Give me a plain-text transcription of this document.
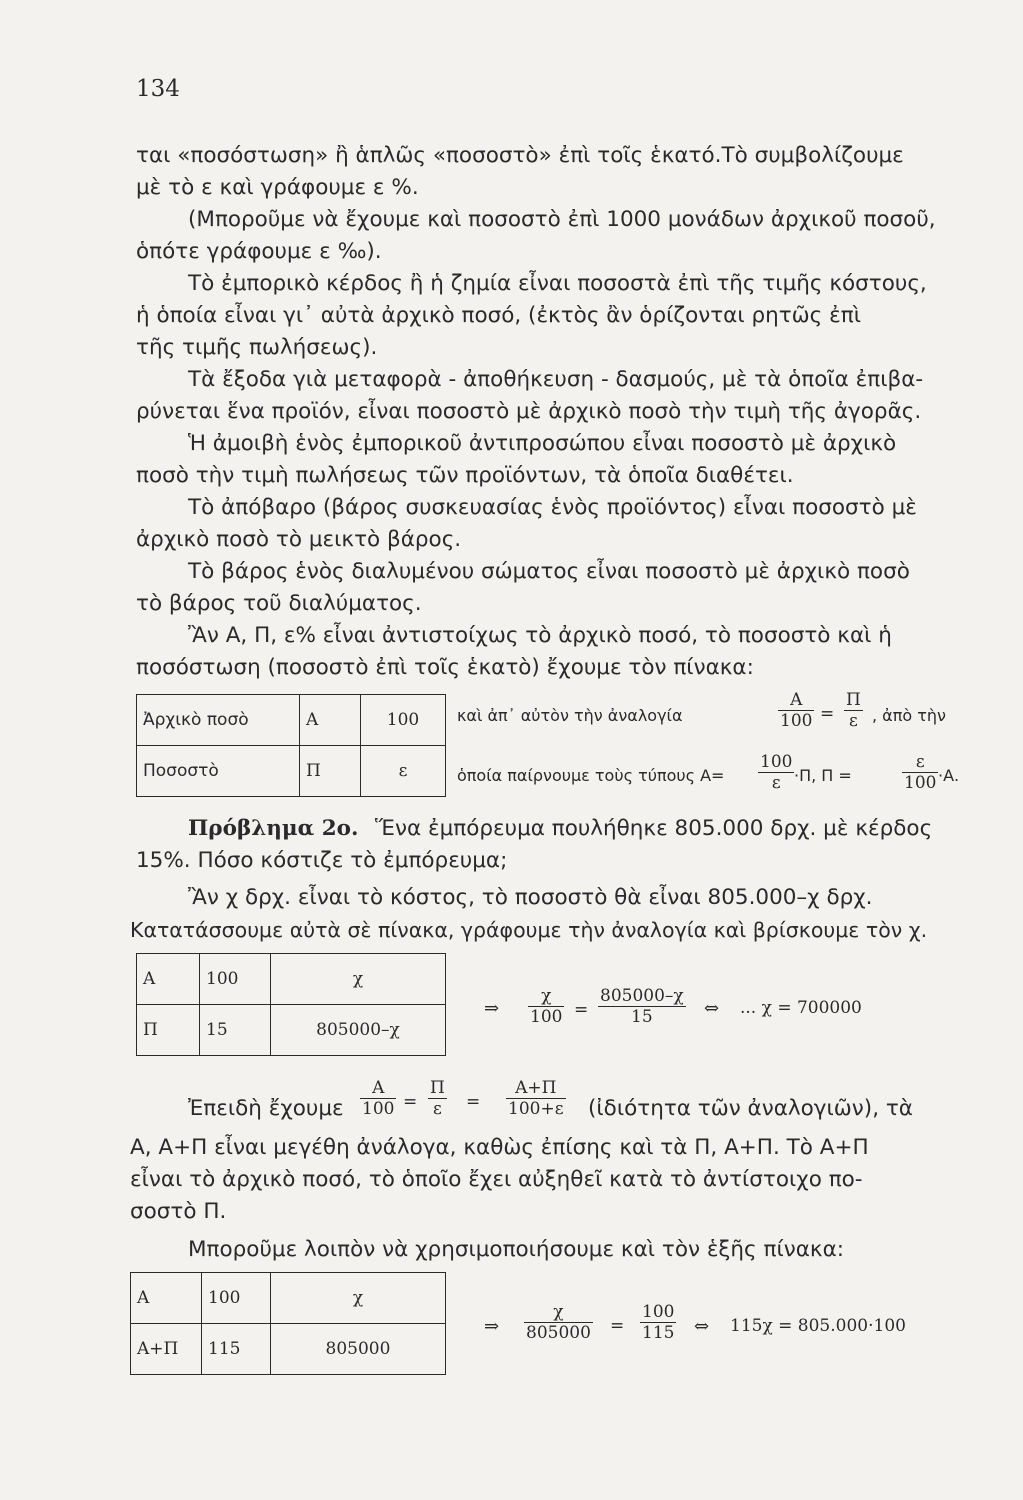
134
ται «ποσόστωση» ἢ ἁπλῶς «ποσοστὸ» ἐπὶ τοῖς ἑκατό.Τὸ συμβολίζουμε
μὲ τὸ ε καὶ γράφουμε ε %.
(Μποροῦμε νὰ ἔχουμε καὶ ποσοστὸ ἐπὶ 1000 μονάδων ἀρχικοῦ ποσοῦ,
ὁπότε γράφουμε ε ‰).
Τὸ ἐμπορικὸ κέρδος ἢ ἡ ζημία εἶναι ποσοστὰ ἐπὶ τῆς τιμῆς κόστους,
ἡ ὁποία εἶναι γι᾿ αὐτὰ ἀρχικὸ ποσό, (ἐκτὸς ἂν ὁρίζονται ρητῶς ἐπὶ
τῆς τιμῆς πωλήσεως).
Τὰ ἔξοδα γιὰ μεταφορὰ - ἀποθήκευση - δασμούς, μὲ τὰ ὁποῖα ἐπιβα-
ρύνεται ἕνα προϊόν, εἶναι ποσοστὸ μὲ ἀρχικὸ ποσὸ τὴν τιμὴ τῆς ἀγορᾶς.
Ἡ ἀμοιβὴ ἑνὸς ἐμπορικοῦ ἀντιπροσώπου εἶναι ποσοστὸ μὲ ἀρχικὸ
ποσὸ τὴν τιμὴ πωλήσεως τῶν προϊόντων, τὰ ὁποῖα διαθέτει.
Τὸ ἀπόβαρο (βάρος συσκευασίας ἑνὸς προϊόντος) εἶναι ποσοστὸ μὲ
ἀρχικὸ ποσὸ τὸ μεικτὸ βάρος.
Τὸ βάρος ἑνὸς διαλυμένου σώματος εἶναι ποσοστὸ μὲ ἀρχικὸ ποσὸ
τὸ βάρος τοῦ διαλύματος.
Ἂν Α, Π, ε% εἶναι ἀντιστοίχως τὸ ἀρχικὸ ποσό, τὸ ποσοστὸ καὶ ἡ
ποσόστωση (ποσοστὸ ἐπὶ τοῖς ἑκατὸ) ἔχουμε τὸν πίνακα:
Ἀρχικὸ ποσὸ	Α	100
Ποσοστὸ	Π	ε
καὶ ἀπ᾿ αὐτὸν τὴν ἀναλογία	$\frac{A}{100} = \frac{\Pi}{\varepsilon}$ , ἀπὸ τὴν
ὁποία παίρνουμε τοὺς τύπους $A= \frac{100}{\varepsilon} \cdot\Pi$, Π =	$\frac{\varepsilon}{100} \cdot A$.
Πρόβλημα 2ο. Ἕνα ἐμπόρευμα πουλήθηκε 805.000 δρχ. μὲ κέρδος
15%. Πόσο κόστιζε τὸ ἐμπόρευμα;
Ἂν χ δρχ. εἶναι τὸ κόστος, τὸ ποσοστὸ θὰ εἶναι 805.000–χ δρχ.
Κατατάσσουμε αὐτὰ σὲ πίνακα, γράφουμε τὴν ἀναλογία καὶ βρίσκουμε τὸν χ.
Α	100	χ
Π	15	805000–χ
⇒ $\frac{\chi}{100} = \frac{805000-\chi}{15}$ ⇔ ... χ = 700000
Ἐπειδὴ ἔχουμε $\frac{A}{100} = \frac{\Pi}{\varepsilon} = \frac{A+\Pi}{100+\varepsilon}$ (ἰδιότητα τῶν ἀναλογιῶν), τὰ
Α, Α+Π εἶναι μεγέθη ἀνάλογα, καθὼς ἐπίσης καὶ τὰ Π, Α+Π. Τὸ Α+Π
εἶναι τὸ ἀρχικὸ ποσό, τὸ ὁποῖο ἔχει αὐξηθεῖ κατὰ τὸ ἀντίστοιχο πο-
σοστὸ Π.
Μποροῦμε λοιπὸν νὰ χρησιμοποιήσουμε καὶ τὸν ἑξῆς πίνακα:
Α	100	χ
Α+Π	115	805000
⇒ $\frac{\chi}{805000} = \frac{100}{115}$ ⇔ 115χ = 805.000·100
